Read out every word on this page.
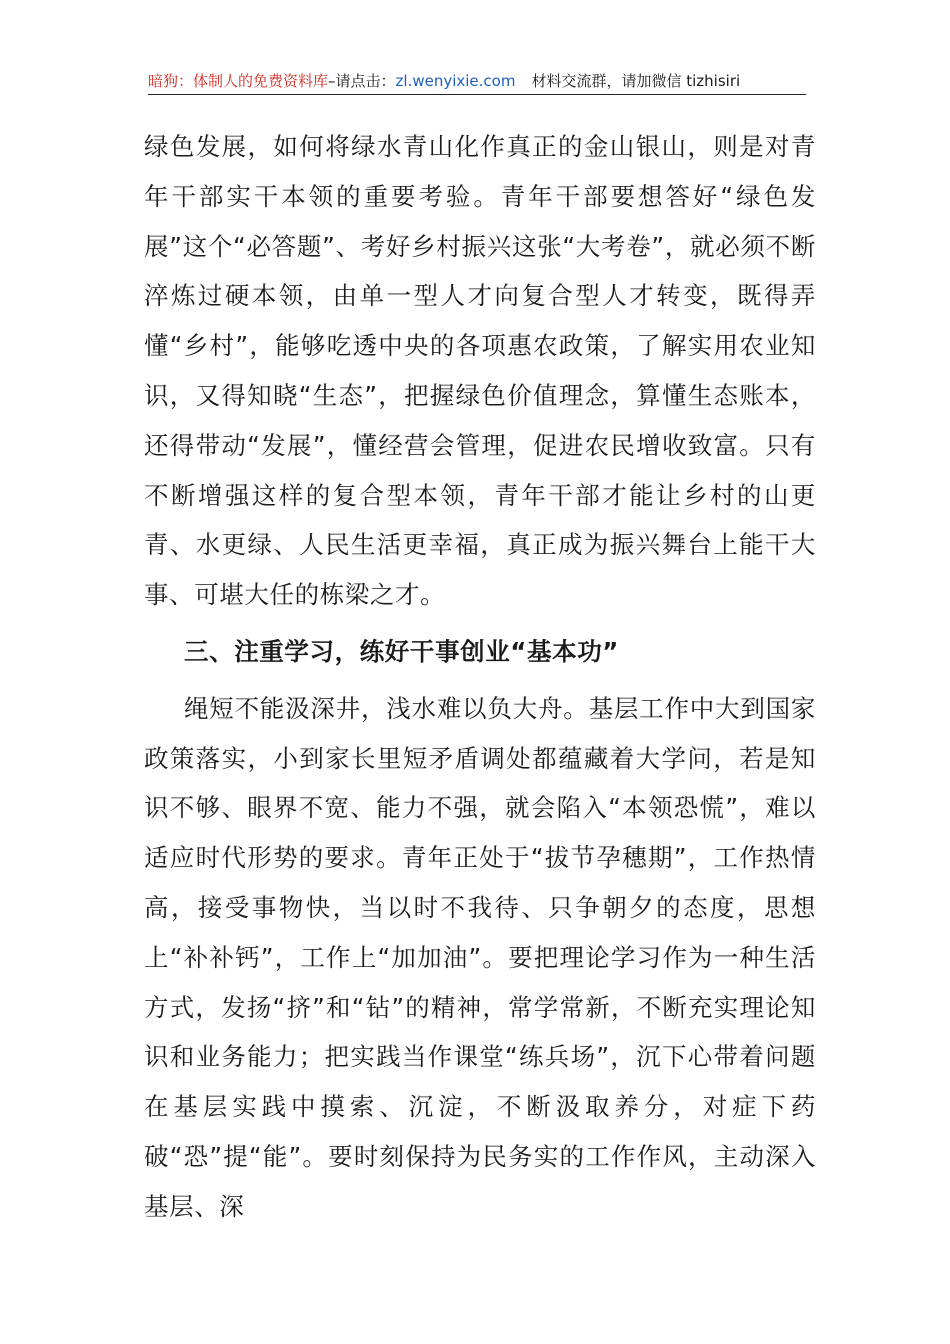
暗狗：体制人的免费资料库–请点击：zl.wenyixie.com 材料交流群，请加微信 tizhisiri

绿色发展，如何将绿水青山化作真正的金山银山，则是对青年干部实干本领的重要考验。青年干部要想答好“绿色发展”这个“必答题”、考好乡村振兴这张“大考卷”，就必须不断淬炼过硬本领，由单一型人才向复合型人才转变，既得弄懂“乡村”，能够吃透中央的各项惠农政策，了解实用农业知识，又得知晓“生态”，把握绿色价值理念，算懂生态账本，还得带动“发展”，懂经营会管理，促进农民增收致富。只有不断增强这样的复合型本领，青年干部才能让乡村的山更青、水更绿、人民生活更幸福，真正成为振兴舞台上能干大事、可堪大任的栋梁之才。

三、注重学习，练好干事创业“基本功”

绳短不能汲深井，浅水难以负大舟。基层工作中大到国家政策落实，小到家长里短矛盾调处都蕴藏着大学问，若是知识不够、眼界不宽、能力不强，就会陷入“本领恐慌”，难以适应时代形势的要求。青年正处于“拔节孕穗期”，工作热情高，接受事物快，当以时不我待、只争朝夕的态度，思想上“补补钙”，工作上“加加油”。要把理论学习作为一种生活方式，发扬“挤”和“钻”的精神，常学常新，不断充实理论知识和业务能力；把实践当作课堂“练兵场”，沉下心带着问题在基层实践中摸索、沉淀，不断汲取养分，对症下药破“恐”提“能”。要时刻保持为民务实的工作作风，主动深入基层、深
